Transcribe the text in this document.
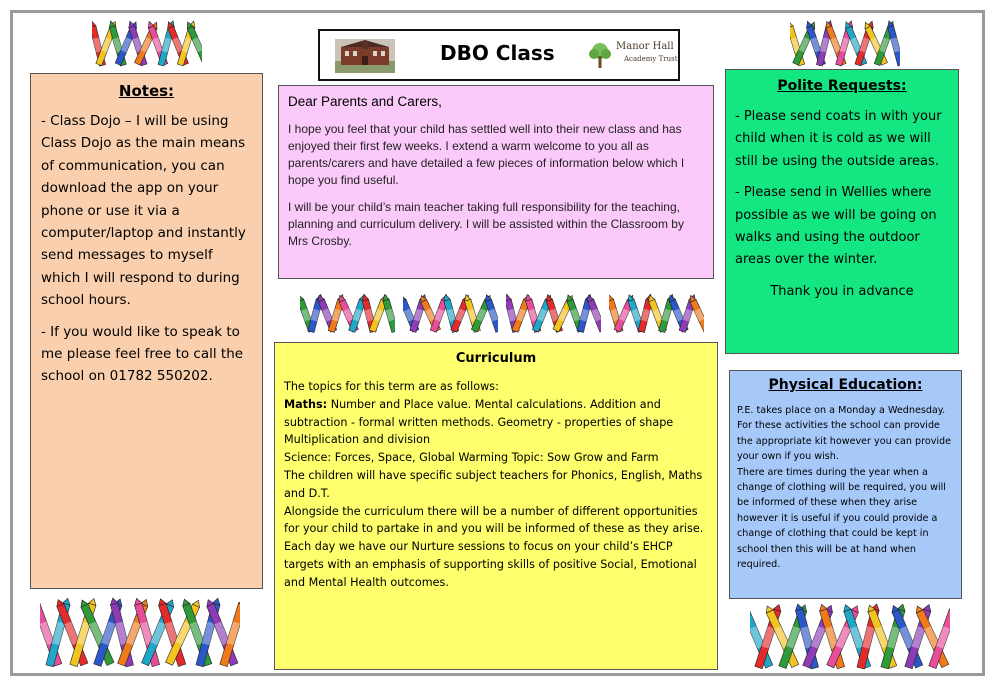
DBO Class	Manor Hall
Academy Trust
Notes:

- Class Dojo – I will be using Class Dojo as the main means of communication, you can download the app on your phone or use it via a computer/laptop and instantly send messages to myself which I will respond to during school hours.

- If you would like to speak to me please feel free to call the school on 01782 550202.

Dear Parents and Carers,

I hope you feel that your child has settled well into their new class and has enjoyed their first few weeks. I extend a warm welcome to you all as parents/carers and have detailed a few pieces of information below which I hope you find useful.

I will be your child’s main teacher taking full responsibility for the teaching, planning and curriculum delivery. I will be assisted within the Classroom by Mrs Crosby.

Polite Requests:

- Please send coats in with your child when it is cold as we will still be using the outside areas.

- Please send in Wellies where possible as we will be going on walks and using the outdoor areas over the winter.

Thank you in advance

Curriculum

The topics for this term are as follows:

Maths: Number and Place value. Mental calculations. Addition and subtraction - formal written methods. Geometry - properties of shape Multiplication and division

Science: Forces, Space, Global Warming Topic: Sow Grow and Farm

The children will have specific subject teachers for Phonics, English, Maths and D.T.

Alongside the curriculum there will be a number of different opportunities for your child to partake in and you will be informed of these as they arise.

Each day we have our Nurture sessions to focus on your child’s EHCP targets with an emphasis of supporting skills of positive Social, Emotional and Mental Health outcomes.

Physical Education:

P.E. takes place on a Monday a Wednesday. For these activities the school can provide the appropriate kit however you can provide your own if you wish.

There are times during the year when a change of clothing will be required, you will be informed of these when they arise however it is useful if you could provide a change of clothing that could be kept in school then this will be at hand when required.
